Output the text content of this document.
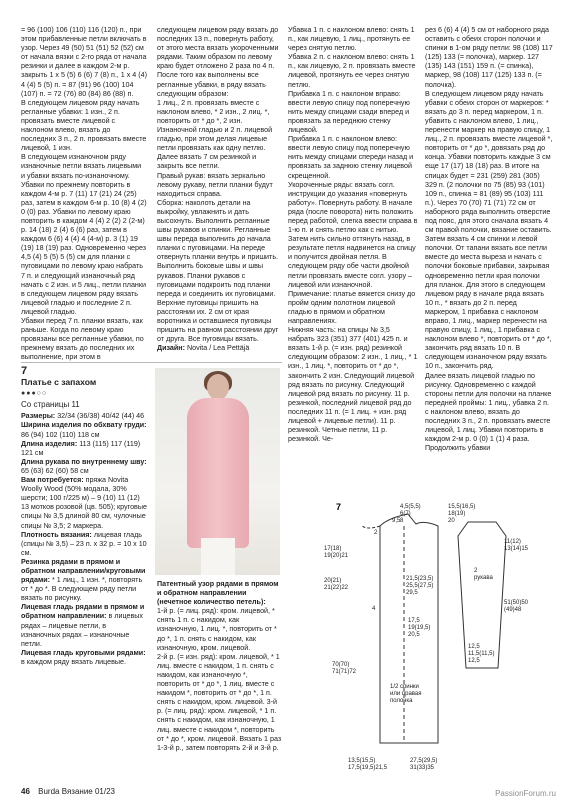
= 96 (100) 106 (110) 116 (120) п., при этом прибавленные петли включать в узор. Через 49 (50) 51 (51) 52 (52) см от начала вязки с 2-го ряда от начала резинки и далее в каждом 2-м р. закрыть 1 х 5 (5) 6 (6) 7 (8) п., 1 х 4 (4) 4 (4) 5 (5) п. = 87 (91) 96 (100) 104 (107) п. = 72 (76) 80 (84) 86 (88) п.
В следующем лицевом ряду начать регланные убавки: 1 изн., 2 п. провязать вместе лицевой с наклоном влево, вязать до последних 3 п., 2 п. провязать вместе лицевой, 1 изн.
В следующем изнаночном ряду изнаночные петли вязать лицевыми и убавки вязать по-изнаночному. Убавки по прежнему повторить в каждом 4-м р. 7 (11) 17 (21) 24 (25) раз, затем в каждом 6-м р. 10 (8) 4 (2) 0 (0) раз. Убавки по левому краю повторить в каждом 4 (4) 2 (2) 2 (2-м) р. 14 (18) 2 (4) 6 (6) раз, затем в каждом 6 (6) 4 (4) 4 (4-м) р. 3 (1) 19 (19) 18 (19) раз. Одновременно через 4,5 (4) 5 (5) 5 (5) см для планки с пуговицами по левому краю набрать 7 п. и следующий изнаночный ряд начать с 2 изн. и 5 лиц., петли планки в следующем лицевом ряду вязать лицевой гладью и последние 2 п. лицевой гладью.
Убавки перед 7 п. планки вязать, как раньше. Когда по левому краю провязаны все регланные убавки, по прежнему вязать до последних их выполнение, при этом в
следующем лицевом ряду вязать до последних 13 п., повернуть работу, от этого места вязать укороченными рядами. Таким образом по левому краю будет отложено 2 раза по 4 п. После того как выполнены все регланные убавки, в ряду вязать следующим образом:
1 лиц., 2 п. провязать вместе с наклоном влево, * 2 изн., 2 лиц. *, повторить от * до *, 2 изн. Изнаночной гладью и 2 п. лицевой гладью, при этом делая лицевые петли провязать как одну петлю. Далее вязать 7 см резинкой и закрыть все петли.
Правый рукав: вязать зеркально левому рукаву, петли планки будут находиться справа.
Сборка: наколоть детали на выкройку, увлажнить и дать высохнуть. Выполнить регланные швы рукавов и спинки. Регланные швы переда выполнить до начала планки с пуговицами. На переде отвернуть планки внутрь и пришить. Выполнить боковые швы и швы рукавов. Планки рукавов с пуговицами подкроить под планки переда и соединить их пуговицами. Верхние пуговицы пришить на расстоянии их. 2 см от края воротника и оставшиеся пуговицы пришить на равном расстоянии друг от друга. Все пуговицы вязать.
Дизайн: Novita / Lea Pettäjä
Убавка 1 п. с наклоном влево: снять 1 п., как лицевую, 1 лиц., протянуть ее через снятую петлю.
Убавка 2 п. с наклоном влево: снять 1 п., как лицевую, 2 п. провязать вместе лицевой, протянуть ее через снятую петлю.
Прибавка 1 п. с наклоном вправо: ввести левую спицу под поперечную нить между спицами сзади вперед и провязать за переднюю стенку лицевой.
Прибавка 1 п. с наклоном влево: ввести левую спицу под поперечную нить между спицами спереди назад и провязать за заднюю стенку лицевой скрещенной.
Укороченные ряды: вязать согл. инструкции до указания «повернуть работу». Повернуть работу. В начале ряда (после поворота) нить положить перед работой, слегка ввести справа в 1-ю п. и снять петлю как с нитью. Затем нить сильно оттянуть назад, в результате петля надвинется на спицу и получится двойная петля. В следующем ряду обе части двойной петли провязать вместе согл. узору – лицевой или изнаночной.
Примечание: платье вяжется снизу до пройм одним полотном лицевой гладью в прямом и обратном направлениях.
Нижняя часть: на спицы № 3,5 набрать 323 (351) 377 (401) 425 п. и вязать 1-й р. (= изн. ряд) резинкой следующим образом: 2 изн., 1 лиц., * 1 изн., 1 лиц. *, повторить от * до *, закончить 2 изн. Следующий лицевой ряд вязать по рисунку. Следующий лицевой ряд вязать по рисунку. 11 р. резинкой, последний лицевой ряд до последних 11 п. (= 1 лиц. + изн. ряд лицевой + лицевые петли). 11 р. резинкой. Четные петли, 11 р. резинкой. Че-
рез 6 (6) 4 (4) 5 см от наборного ряда оставить с обеих сторон полочки и спинки в 1-ом ряду петли: 98 (108) 117 (125) 133 (= полочка), маркер. 127 (135) 143 (151) 159 п. (= спинка), маркер, 98 (108) 117 (125) 133 п. (= полочка).
В следующем лицевом ряду начать убавки с обеих сторон от маркеров: * вязать до 3 п. перед маркером, 1 п. убавить с наклоном влево, 1 лиц., перенести маркер на правую спицу, 1 лиц., 2 п. провязать вместе лицевой *, повторить от * до *, довязать ряд до конца. Убавки повторить каждые 3 см еще 17 (17) 18 (18) раз. В итоге на спицах будет = 231 (259) 281 (305) 329 п. (2 полочки по 75 (85) 93 (101) 109 п., спинка = 81 (89) 95 (103) 111 п.). Через 70 (70) 71 (71) 72 см от наборного ряда выполнить отверстие под пояс, для этого сначала вязать 4 см правой полочки, вязание оставить. Затем вязать 4 см спинки и левой полочки. От тапани вязать все петли вместе до места выреза и начать с полочки боковые прибавки, закрывая одновременно петли края полочки для планок. Для этого в следующем лицевом ряду в начале ряда вязать 10 п., * вязать до 2 п. перед маркером, 1 прибавка с наклоном вправо, 1 лиц., маркер перенести на правую спицу, 1 лиц., 1 прибавка с наклоном влево *, повторить от * до *, закончить ряд вязать 10 п. В следующем изнаночном ряду вязать 10 п., закончить ряд.
Далее вязать лицевой гладью по рисунку. Одновременно с каждой стороны петли для полочки на планке передней проймы: 1 лиц., убавка 2 п. с наклоном влево, вязать до последних 3 п., 2 п. провязать вместе лицевой, 1 лиц. Убавки повторить в каждом 2-м р. 0 (0) 1 (1) 4 раза. Продолжить убавки
7
Платье с запахом
●●●○○
Со страницы 11
Размеры: 32/34 (36/38) 40/42 (44) 46
Ширина изделия по обхвату груди: 86 (94) 102 (110) 118 см
Длина изделия: 113 (115) 117 (119) 121 см
Длина рукава по внутреннему шву: 65 (63) 62 (60) 58 см
Вам потребуется: пряжа Novita Woolly Wood (50% модала, 30% шерсти; 100 г/225 м) – 9 (10) 11 (12) 13 мотков розовой (цв. 505); круговые спицы № 3,5 длиной 80 см, чулочные спицы № 3,5; 2 маркера.
Плотность вязания: лицевая гладь (спицы № 3,5) – 23 п. х 32 р. = 10 х 10 см.
Резинка рядами в прямом и обратном направлении/круговыми рядами: * 1 лиц., 1 изн. *, повторять от * до *. В следующем ряду петли вязать по рисунку.
Лицевая гладь рядами в прямом и обратном направлении: в лицевых рядах – лицевые петли, в изнаночных рядах – изнаночные петли.
Лицевая гладь круговыми рядами: в каждом ряду вязать лицевые.
Патентный узор рядами в прямом и обратном направлении (нечетное количество петель):
1-й р. (= лиц. ряд): кром. лицевой, * снять 1 п. с накидом, как изнаночную, 1 лиц. *, повторить от * до *, 1 п. снять с накидом, как изнаночную, кром. лицевой.
2-й р. (= изн. ряд): кром. лицевой, * 1 лиц. вместе с накидом, 1 п. снять с накидом, как изнаночную *, повторить от * до *, 1 лиц. вместе с накидом *, повторить от * до *, 1 п. снять с накидом, кром. лицевой. 3-й р. (= лиц. ряд): кром. лицевой, * 1 п. снять с накидом, как изнаночную, 1 лиц. вместе с накидом *, повторить от * до *, кром. лицевой. Вязать 1 раз 1-3-й р., затем повторять 2-й и 3-й р.
7	4,5(5,5) 6(7) 8
15,5(16,5) 18(19) 20
9,5
2
17(18) 19(20)21
20(21) 21(22)22
21,5(23,5) 25,5(27,5) 29,5
4
17,5 19(19,5) 20,5
11(12) 13(14)15
2 рукава
51(50)50 (49)48
12,5 11,5(11,5) 12,5
70(70) 71(71)72
1/2 спинки или правая полочка
13,5(15,5) 17,5(19,5)21,5
27,5(29,5) 31(33)35
46 Burda Вязание 01/23	PassionForum.ru
